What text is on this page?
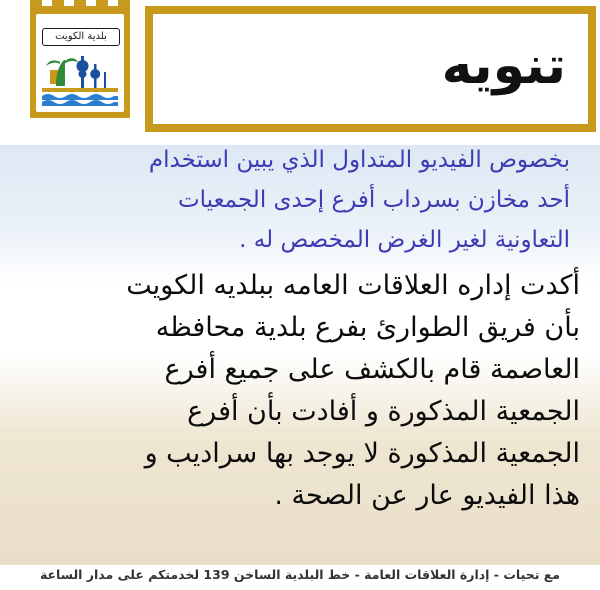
تنويه
بلدية الكويت
بخصوص الفيديو المتداول الذي يبين استخدام
أحد مخازن بسرداب أفرع إحدى الجمعيات
التعاونية لغير الغرض المخصص له .
أكدت إداره العلاقات العامه ببلديه الكويت
بأن فريق الطوارئ بفرع بلدية محافظه
العاصمة قام بالكشف على جميع أفرع
الجمعية المذكورة و أفادت بأن أفرع
الجمعية المذكورة لا يوجد بها سراديب و
هذا الفيديو عار عن الصحة .
مع تحيات - إدارة العلاقات العامة - خط البلدية الساخن 139 لخدمتكم على مدار الساعة
